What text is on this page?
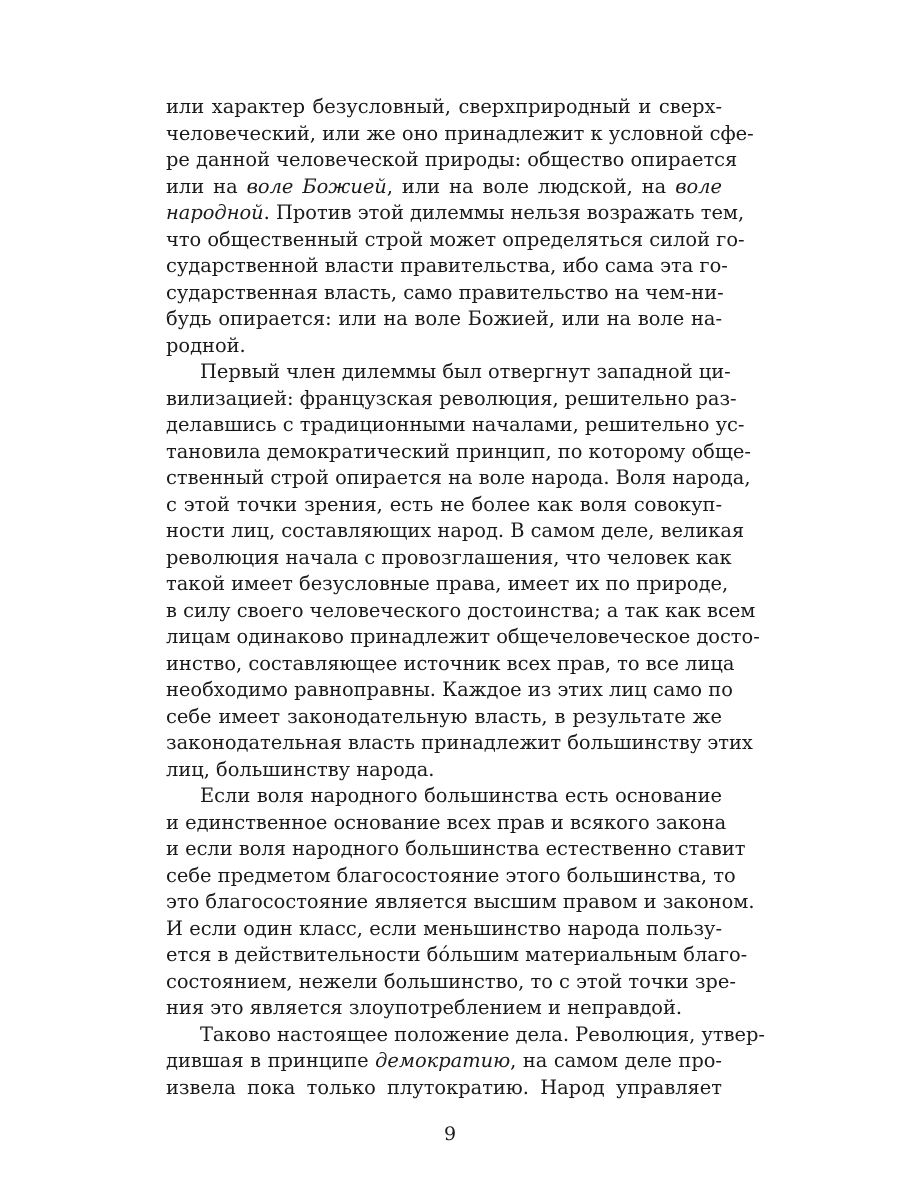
или характер безусловный, сверхприродный и сверх-
человеческий, или же оно принадлежит к условной сфе-
ре данной человеческой природы: общество опирается
или на воле Божией, или на воле людской, на воле
народной. Против этой дилеммы нельзя возражать тем,
что общественный строй может определяться силой го-
сударственной власти правительства, ибо сама эта го-
сударственная власть, само правительство на чем-ни-
будь опирается: или на воле Божией, или на воле на-
родной.
Первый член дилеммы был отвергнут западной ци-
вилизацией: французская революция, решительно раз-
делавшись с традиционными началами, решительно ус-
тановила демократический принцип, по которому обще-
ственный строй опирается на воле народа. Воля народа,
с этой точки зрения, есть не более как воля совокуп-
ности лиц, составляющих народ. В самом деле, великая
революция начала с провозглашения, что человек как
такой имеет безусловные права, имеет их по природе,
в силу своего человеческого достоинства; а так как всем
лицам одинаково принадлежит общечеловеческое досто-
инство, составляющее источник всех прав, то все лица
необходимо равноправны. Каждое из этих лиц само по
себе имеет законодательную власть, в результате же
законодательная власть принадлежит большинству этих
лиц, большинству народа.
Если воля народного большинства есть основание
и единственное основание всех прав и всякого закона
и если воля народного большинства естественно ставит
себе предметом благосостояние этого большинства, то
это благосостояние является высшим правом и законом.
И если один класс, если меньшинство народа пользу-
ется в действительности бóльшим материальным благо-
состоянием, нежели большинство, то с этой точки зре-
ния это является злоупотреблением и неправдой.
Таково настоящее положение дела. Революция, утвер-
дившая в принципе демократию, на самом деле про-
извела пока только плутократию. Народ управляет
9
